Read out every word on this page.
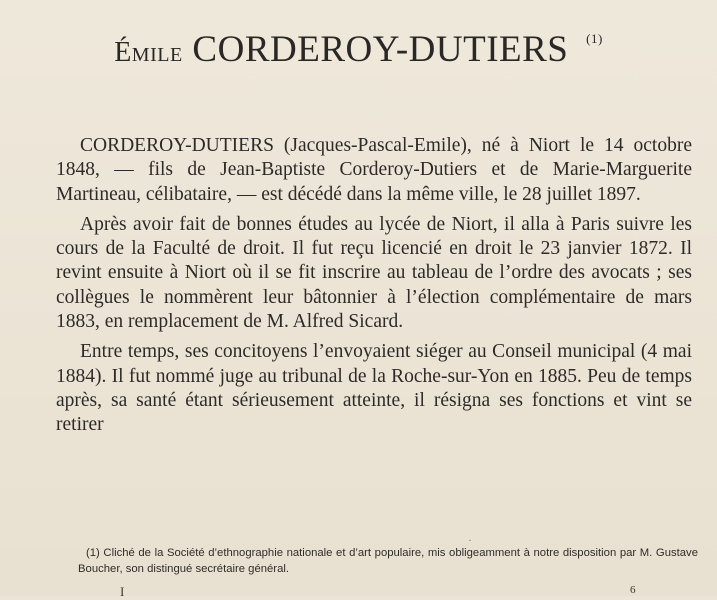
Émile CORDEROY-DUTIERS $^{(1)}$

CORDEROY-DUTIERS (Jacques-Pascal-Emile), né à Niort le 14 octobre 1848, — fils de Jean-Baptiste Corderoy-Dutiers et de Marie-Marguerite Martineau, célibataire, — est décédé dans la même ville, le 28 juillet 1897.

Après avoir fait de bonnes études au lycée de Niort, il alla à Paris suivre les cours de la Faculté de droit. Il fut reçu licencié en droit le 23 janvier 1872. Il revint ensuite à Niort où il se fit inscrire au tableau de l’ordre des avocats ; ses collègues le nommèrent leur bâtonnier à l’élection complémentaire de mars 1883, en remplacement de M. Alfred Sicard.

Entre temps, ses concitoyens l’envoyaient siéger au Conseil municipal (4 mai 1884). Il fut nommé juge au tribunal de la Roche-sur-Yon en 1885. Peu de temps après, sa santé étant sérieusement atteinte, il résigna ses fonctions et vint se retirer

·
(1) Cliché de la Société d’ethnographie nationale et d’art populaire, mis obligeamment à notre disposition par M. Gustave Boucher, son distingué secrétaire général.
I	6
